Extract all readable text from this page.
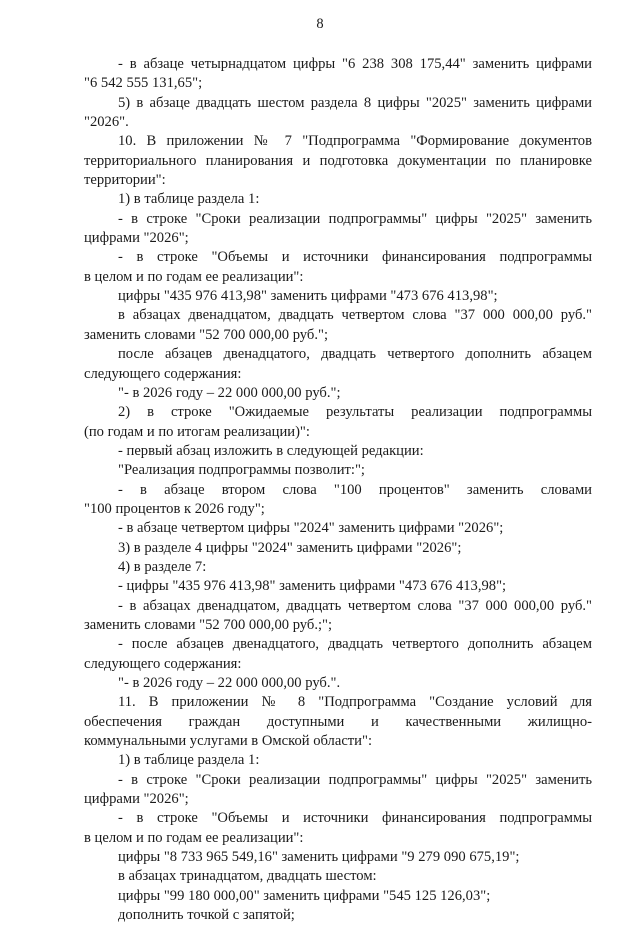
8
- в абзаце четырнадцатом цифры "6 238 308 175,44" заменить цифрами
"6 542 555 131,65";
5) в абзаце двадцать шестом раздела 8 цифры "2025" заменить цифрами
"2026".
10. В приложении № 7 "Подпрограмма "Формирование документов
территориального планирования и подготовка документации по планировке
территории":
1) в таблице раздела 1:
- в строке "Сроки реализации подпрограммы" цифры "2025" заменить
цифрами "2026";
- в строке "Объемы и источники финансирования подпрограммы
в целом и по годам ее реализации":
цифры "435 976 413,98" заменить цифрами "473 676 413,98";
в абзацах двенадцатом, двадцать четвертом слова "37 000 000,00 руб."
заменить словами "52 700 000,00 руб.";
после абзацев двенадцатого, двадцать четвертого дополнить абзацем
следующего содержания:
"- в 2026 году – 22 000 000,00 руб.";
2) в строке "Ожидаемые результаты реализации подпрограммы
(по годам и по итогам реализации)":
- первый абзац изложить в следующей редакции:
"Реализация подпрограммы позволит:";
- в абзаце втором слова "100 процентов" заменить словами
"100 процентов к 2026 году";
- в абзаце четвертом цифры "2024" заменить цифрами "2026";
3) в разделе 4 цифры "2024" заменить цифрами "2026";
4) в разделе 7:
- цифры "435 976 413,98" заменить цифрами "473 676 413,98";
- в абзацах двенадцатом, двадцать четвертом слова "37 000 000,00 руб."
заменить словами "52 700 000,00 руб.;";
- после абзацев двенадцатого, двадцать четвертого дополнить абзацем
следующего содержания:
"- в 2026 году – 22 000 000,00 руб.".
11. В приложении № 8 "Подпрограмма "Создание условий для
обеспечения граждан доступными и качественными жилищно-
коммунальными услугами в Омской области":
1) в таблице раздела 1:
- в строке "Сроки реализации подпрограммы" цифры "2025" заменить
цифрами "2026";
- в строке "Объемы и источники финансирования подпрограммы
в целом и по годам ее реализации":
цифры "8 733 965 549,16" заменить цифрами "9 279 090 675,19";
в абзацах тринадцатом, двадцать шестом:
цифры "99 180 000,00" заменить цифрами "545 125 126,03";
дополнить точкой с запятой;
